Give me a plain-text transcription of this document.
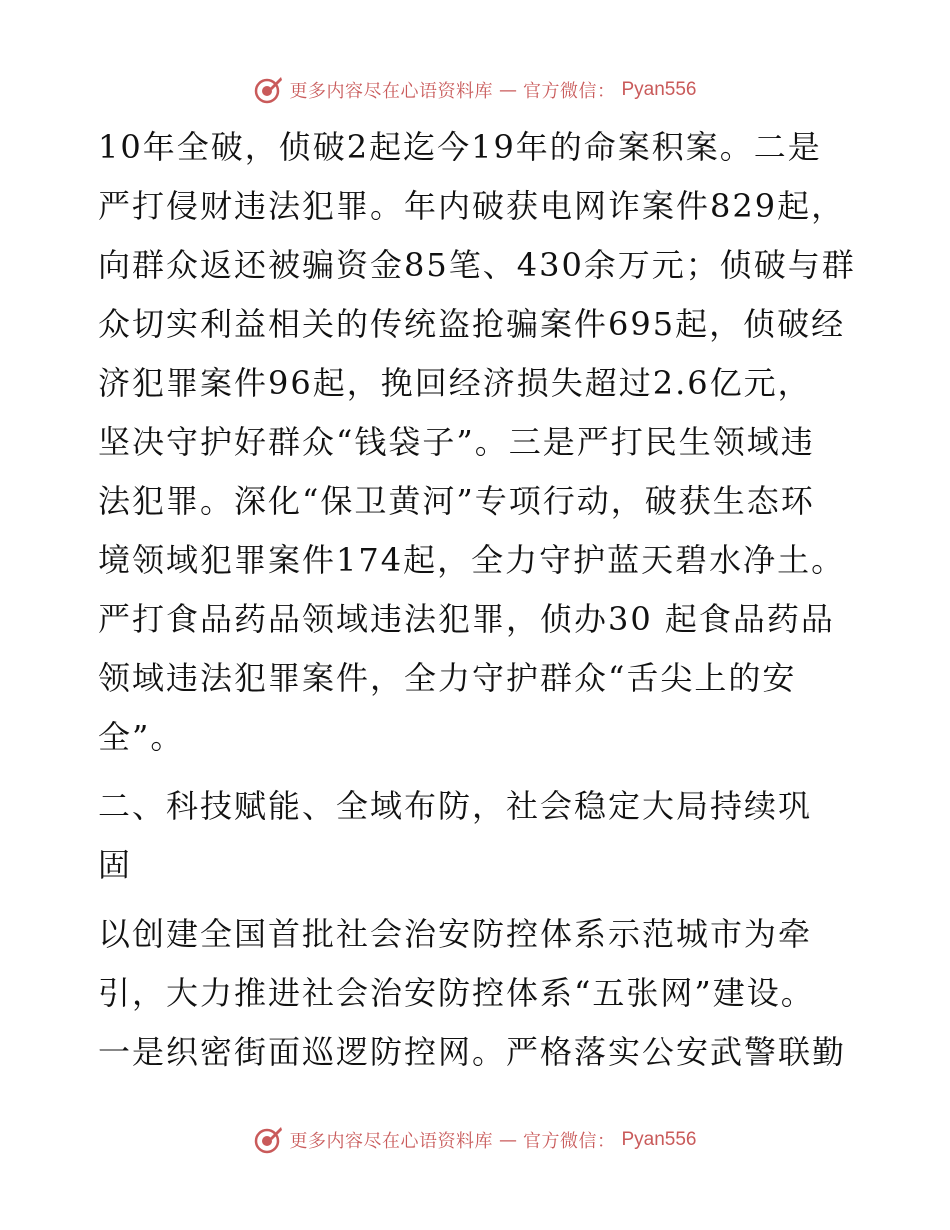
更多内容尽在心语资料库 — 官方微信： Pyan556
10年全破，侦破2起迄今19年的命案积案。二是
严打侵财违法犯罪。年内破获电网诈案件829起，
向群众返还被骗资金85笔、430余万元；侦破与群
众切实利益相关的传统盗抢骗案件695起，侦破经
济犯罪案件96起，挽回经济损失超过2.6亿元，
坚决守护好群众“钱袋子”。三是严打民生领域违
法犯罪。深化“保卫黄河”专项行动，破获生态环
境领域犯罪案件174起，全力守护蓝天碧水净土。
严打食品药品领域违法犯罪，侦办30 起食品药品
领域违法犯罪案件，全力守护群众“舌尖上的安
全”。
二、科技赋能、全域布防，社会稳定大局持续巩
固
以创建全国首批社会治安防控体系示范城市为牵
引，大力推进社会治安防控体系“五张网”建设。
一是织密街面巡逻防控网。严格落实公安武警联勤
更多内容尽在心语资料库 — 官方微信： Pyan556
